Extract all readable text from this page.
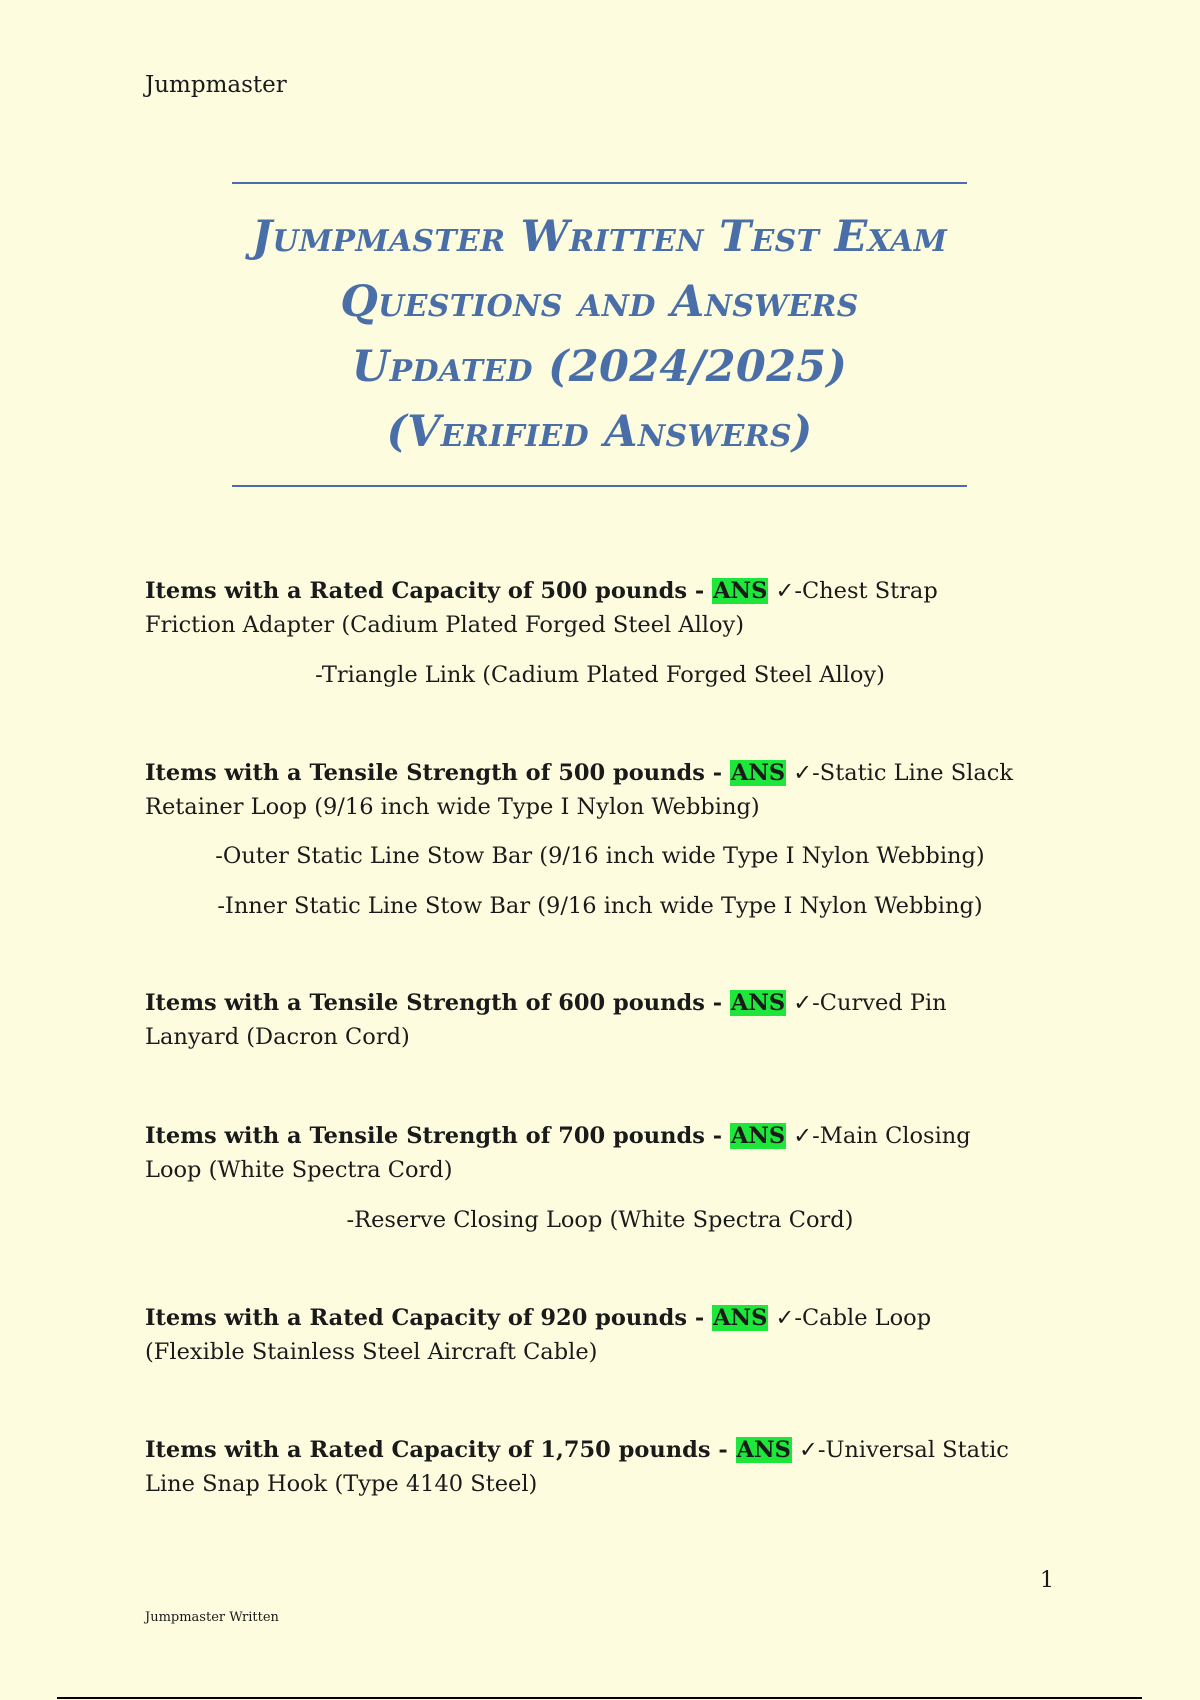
Jumpmaster
Jumpmaster Written Test Exam
Questions and Answers
Updated (2024/2025)
(Verified Answers)
Items with a Rated Capacity of 500 pounds - ANS ✓-Chest Strap Friction Adapter (Cadium Plated Forged Steel Alloy)
-Triangle Link (Cadium Plated Forged Steel Alloy)
Items with a Tensile Strength of 500 pounds - ANS ✓-Static Line Slack Retainer Loop (9/16 inch wide Type I Nylon Webbing)
-Outer Static Line Stow Bar (9/16 inch wide Type I Nylon Webbing)
-Inner Static Line Stow Bar (9/16 inch wide Type I Nylon Webbing)
Items with a Tensile Strength of 600 pounds - ANS ✓-Curved Pin Lanyard (Dacron Cord)
Items with a Tensile Strength of 700 pounds - ANS ✓-Main Closing Loop (White Spectra Cord)
-Reserve Closing Loop (White Spectra Cord)
Items with a Rated Capacity of 920 pounds - ANS ✓-Cable Loop (Flexible Stainless Steel Aircraft Cable)
Items with a Rated Capacity of 1,750 pounds - ANS ✓-Universal Static Line Snap Hook (Type 4140 Steel)
1
Jumpmaster Written
